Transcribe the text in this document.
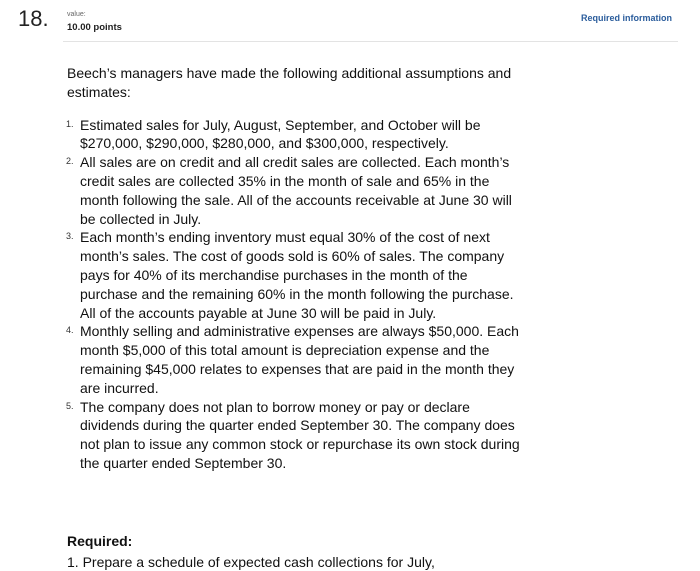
18.	value:
10.00 points
Required information

Beech’s managers have made the following additional assumptions and estimates:

1. Estimated sales for July, August, September, and October will be $270,000, $290,000, $280,000, and $300,000, respectively.
2. All sales are on credit and all credit sales are collected. Each month’s credit sales are collected 35% in the month of sale and 65% in the month following the sale. All of the accounts receivable at June 30 will be collected in July.
3. Each month’s ending inventory must equal 30% of the cost of next month’s sales. The cost of goods sold is 60% of sales. The company pays for 40% of its merchandise purchases in the month of the purchase and the remaining 60% in the month following the purchase. All of the accounts payable at June 30 will be paid in July.
4. Monthly selling and administrative expenses are always $50,000. Each month $5,000 of this total amount is depreciation expense and the remaining $45,000 relates to expenses that are paid in the month they are incurred.
5. The company does not plan to borrow money or pay or declare dividends during the quarter ended September 30. The company does not plan to issue any common stock or repurchase its own stock during the quarter ended September 30.

Required:

1. Prepare a schedule of expected cash collections for July,
